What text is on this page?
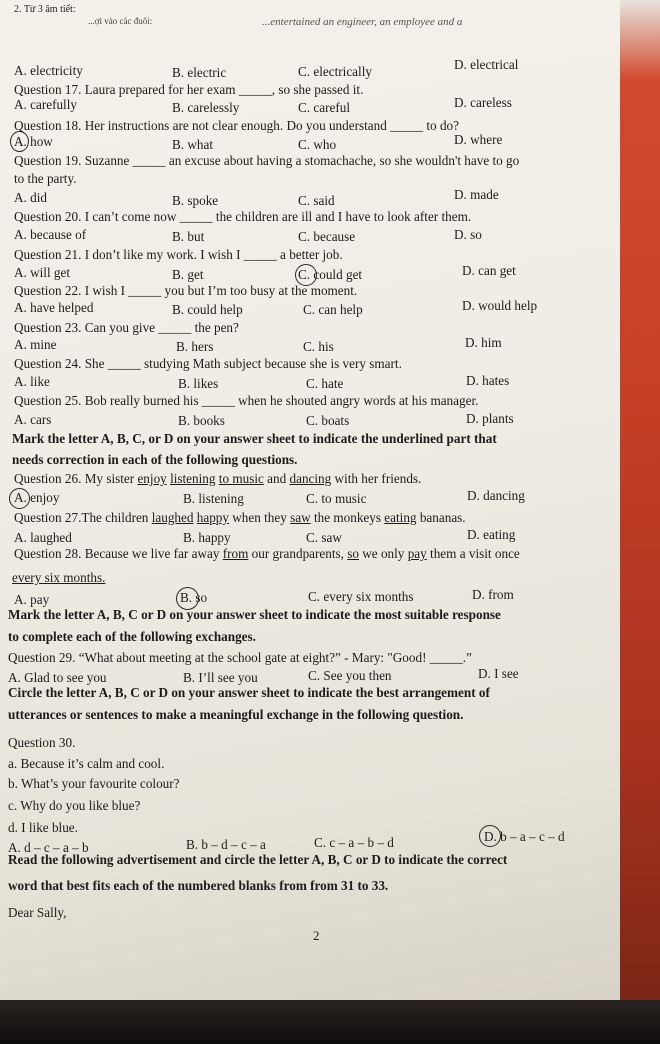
2. Từ 3 âm tiết:
...ợi vào các đuôi:	...entertained an engineer, an employee and a
A. electricity	B. electric	C. electrically	D. electrical
Question 17. Laura prepared for her exam _____, so she passed it.
A. carefully	B. carelessly	C. careful	D. careless
Question 18. Her instructions are not clear enough. Do you understand _____ to do?
A. how	B. what	C. who	D. where
Question 19. Suzanne _____ an excuse about having a stomachache, so she wouldn't have to go
to the party.
A. did	B. spoke	C. said	D. made
Question 20. I can’t come now _____ the children are ill and I have to look after them.
A. because of	B. but	C. because	D. so
Question 21. I don’t like my work. I wish I _____ a better job.
A. will get	B. get	C. could get	D. can get
Question 22. I wish I _____ you but I’m too busy at the moment.
A. have helped	B. could help	C. can help	D. would help
Question 23. Can you give _____ the pen?
A. mine	B. hers	C. his	D. him
Question 24. She _____ studying Math subject because she is very smart.
A. like	B. likes	C. hate	D. hates
Question 25. Bob really burned his _____ when he shouted angry words at his manager.
A. cars	B. books	C. boats	D. plants
Mark the letter A, B, C, or D on your answer sheet to indicate the underlined part that
needs correction in each of the following questions.
Question 26. My sister enjoy listening to music and dancing with her friends.
A. enjoy	B. listening	C. to music	D. dancing
Question 27.The children laughed happy when they saw the monkeys eating bananas.
A. laughed	B. happy	C. saw	D. eating
Question 28. Because we live far away from our grandparents, so we only pay them a visit once
every six months.
A. pay	B. so	C. every six months	D. from
Mark the letter A, B, C or D on your answer sheet to indicate the most suitable response
to complete each of the following exchanges.
Question 29. “What about meeting at the school gate at eight?” - Mary: "Good! _____.”
A. Glad to see you	B. I’ll see you	C. See you then	D. I see
Circle the letter A, B, C or D on your answer sheet to indicate the best arrangement of
utterances or sentences to make a meaningful exchange in the following question.
Question 30.
a. Because it’s calm and cool.
b. What’s your favourite colour?
c. Why do you like blue?
d. I like blue.
A. d – c – a – b	B. b – d – c – a	C. c – a – b – d	D. b – a – c – d
Read the following advertisement and circle the letter A, B, C or D to indicate the correct
word that best fits each of the numbered blanks from from 31 to 33.
Dear Sally,
2
